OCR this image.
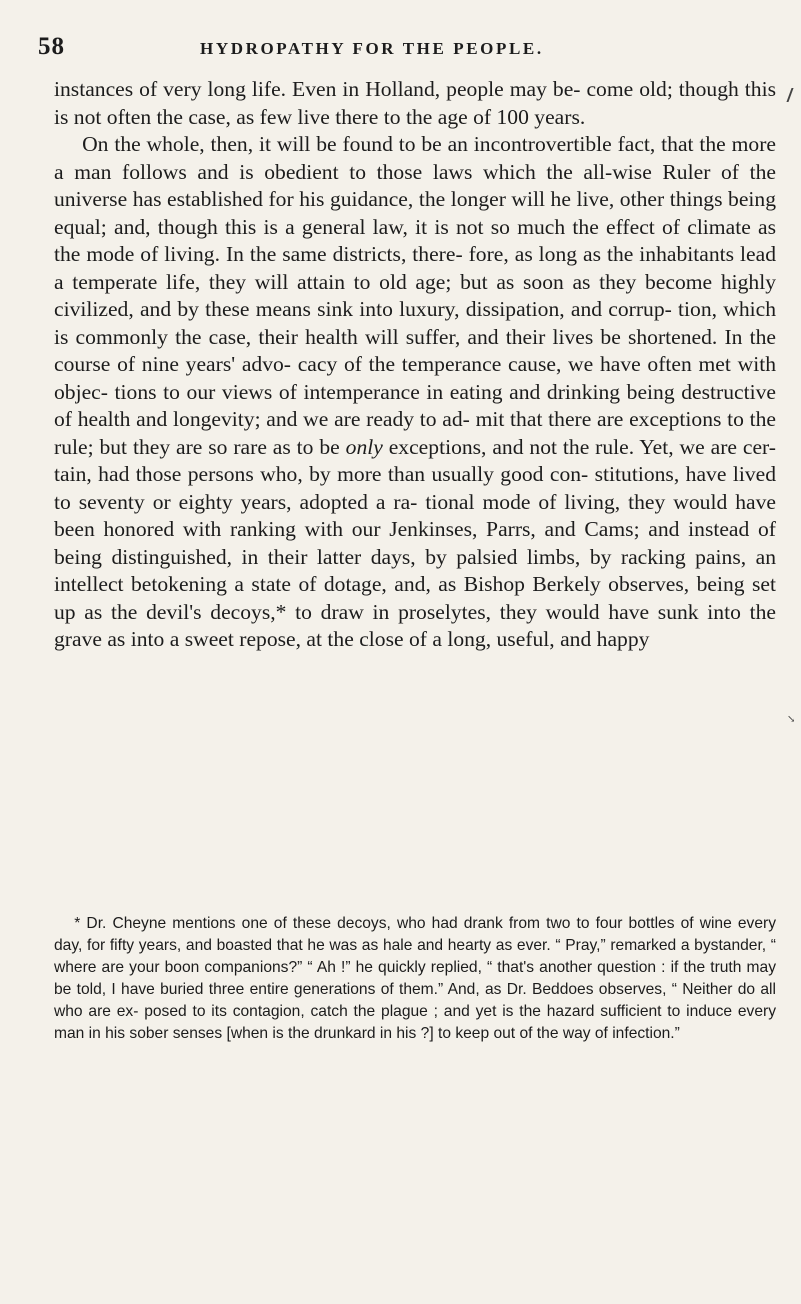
58	HYDROPATHY FOR THE PEOPLE.

instances of very long life. Even in Holland, people may be- come old; though this is not often the case, as few live there to the age of 100 years.

On the whole, then, it will be found to be an incontrovertible fact, that the more a man follows and is obedient to those laws which the all-wise Ruler of the universe has established for his guidance, the longer will he live, other things being equal; and, though this is a general law, it is not so much the effect of climate as the mode of living. In the same districts, there- fore, as long as the inhabitants lead a temperate life, they will attain to old age; but as soon as they become highly civilized, and by these means sink into luxury, dissipation, and corrup- tion, which is commonly the case, their health will suffer, and their lives be shortened. In the course of nine years' advo- cacy of the temperance cause, we have often met with objec- tions to our views of intemperance in eating and drinking being destructive of health and longevity; and we are ready to ad- mit that there are exceptions to the rule; but they are so rare as to be only exceptions, and not the rule. Yet, we are cer- tain, had those persons who, by more than usually good con- stitutions, have lived to seventy or eighty years, adopted a ra- tional mode of living, they would have been honored with ranking with our Jenkinses, Parrs, and Cams; and instead of being distinguished, in their latter days, by palsied limbs, by racking pains, an intellect betokening a state of dotage, and, as Bishop Berkely observes, being set up as the devil's decoys,* to draw in proselytes, they would have sunk into the grave as into a sweet repose, at the close of a long, useful, and happy

* Dr. Cheyne mentions one of these decoys, who had drank from two to four bottles of wine every day, for fifty years, and boasted that he was as hale and hearty as ever. “ Pray,” remarked a bystander, “ where are your boon companions?” “ Ah !” he quickly replied, “ that's another question : if the truth may be told, I have buried three entire generations of them.” And, as Dr. Beddoes observes, “ Neither do all who are ex- posed to its contagion, catch the plague ; and yet is the hazard sufficient to induce every man in his sober senses [when is the drunkard in his ?] to keep out of the way of infection.”

↘
